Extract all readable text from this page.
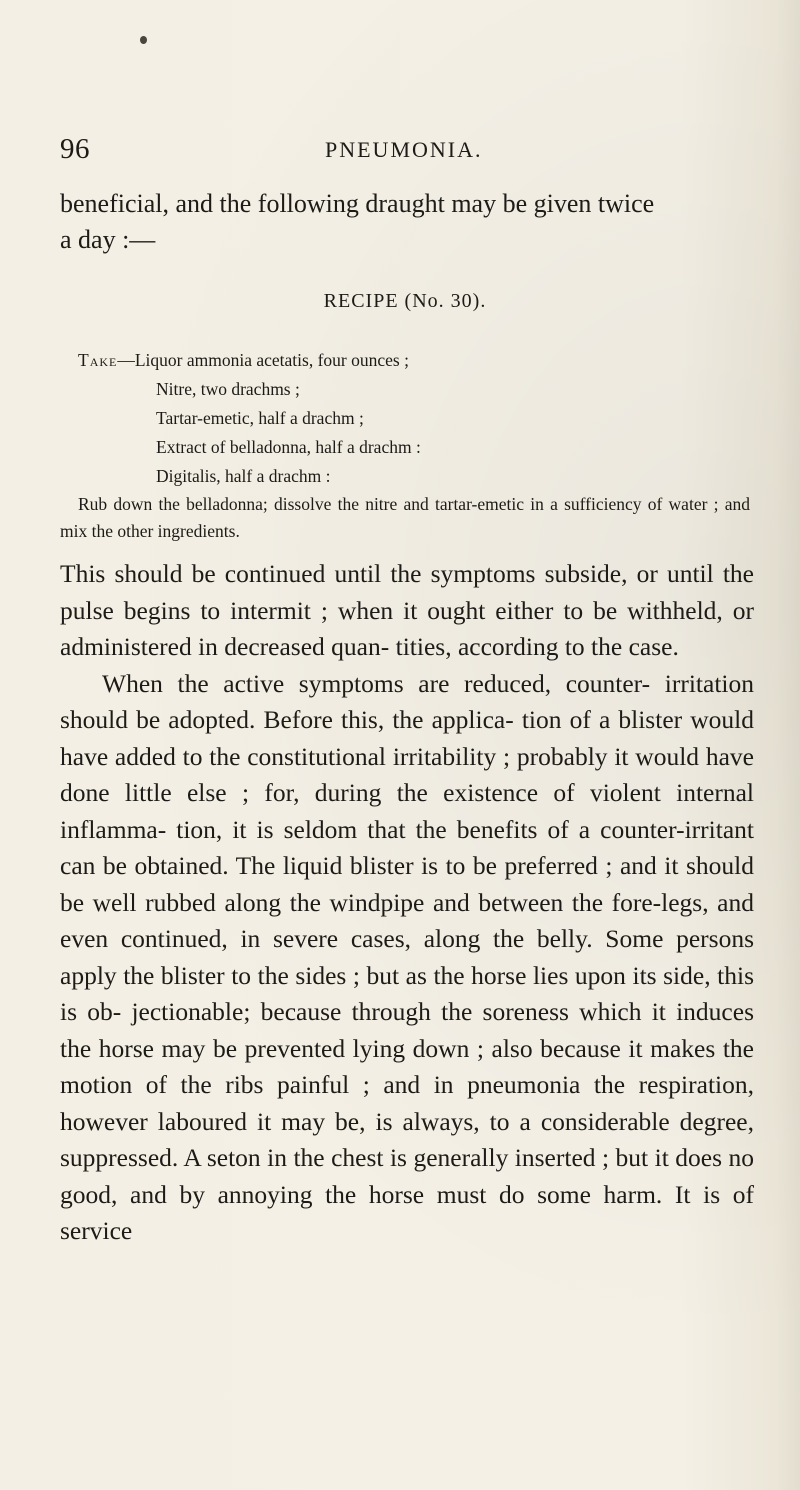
96	PNEUMONIA.

beneficial, and the following draught may be given twice

a day :—

RECIPE (No. 30).

Take—Liquor ammonia acetatis, four ounces ;

Nitre, two drachms ;

Tartar-emetic, half a drachm ;

Extract of belladonna, half a drachm :

Digitalis, half a drachm :

Rub down the belladonna; dissolve the nitre and tartar-emetic in a sufficiency of water ; and mix the other ingredients.

This should be continued until the symptoms subside, or until the pulse begins to intermit ; when it ought either to be withheld, or administered in decreased quan- tities, according to the case.

When the active symptoms are reduced, counter- irritation should be adopted. Before this, the applica- tion of a blister would have added to the constitutional irritability ; probably it would have done little else ; for, during the existence of violent internal inflamma- tion, it is seldom that the benefits of a counter-irritant can be obtained. The liquid blister is to be preferred ; and it should be well rubbed along the windpipe and between the fore-legs, and even continued, in severe cases, along the belly. Some persons apply the blister to the sides ; but as the horse lies upon its side, this is ob- jectionable; because through the soreness which it induces the horse may be prevented lying down ; also because it makes the motion of the ribs painful ; and in pneumonia the respiration, however laboured it may be, is always, to a considerable degree, suppressed. A seton in the chest is generally inserted ; but it does no good, and by annoying the horse must do some harm. It is of service
